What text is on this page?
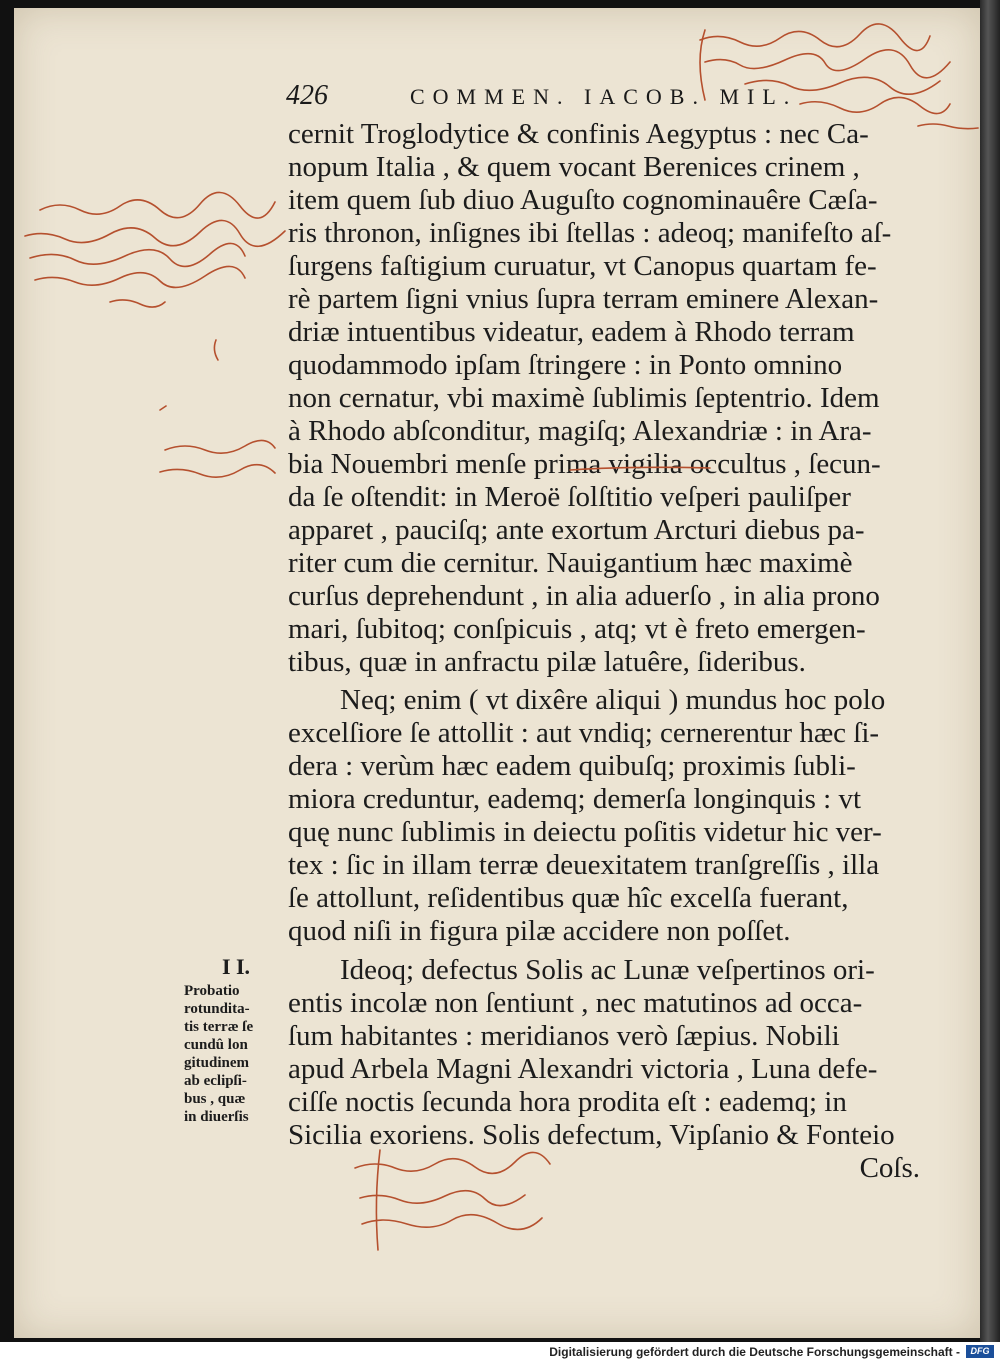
426	COMMEN. IACOB. MIL.
cernit Troglodytice & confinis Aegyptus : nec Ca-
nopum Italia , & quem vocant Berenices crinem ,
item quem ſub diuo Auguſto cognominauêre Cæſa-
ris thronon, inſignes ibi ſtellas : adeoq; manifeſto aſ-
ſurgens faſtigium curuatur, vt Canopus quartam fe-
rè partem ſigni vnius ſupra terram eminere Alexan-
driæ intuentibus videatur, eadem à Rhodo terram
quodammodo ipſam ſtringere : in Ponto omnino
non cernatur, vbi maximè ſublimis ſeptentrio. Idem
à Rhodo abſconditur, magiſq; Alexandriæ : in Ara-
bia Nouembri menſe prima vigilia occultus , ſecun-
da ſe oſtendit: in Meroë ſolſtitio veſperi pauliſper
apparet , pauciſq; ante exortum Arcturi diebus pa-
riter cum die cernitur. Nauigantium hæc maximè
curſus deprehendunt , in alia aduerſo , in alia prono
mari, ſubitoq; conſpicuis , atq; vt è freto emergen-
tibus, quæ in anfractu pilæ latuêre, ſideribus.
Neq; enim ( vt dixêre aliqui ) mundus hoc polo
excelſiore ſe attollit : aut vndiq; cernerentur hæc ſi-
dera : verùm hæc eadem quibuſq; proximis ſubli-
miora creduntur, eademq; demerſa longinquis : vt
quę nunc ſublimis in deiectu poſitis videtur hic ver-
tex : ſic in illam terræ deuexitatem tranſgreſſis , illa
ſe attollunt, reſidentibus quæ hîc excelſa fuerant,
quod niſi in figura pilæ accidere non poſſet.
Ideoq; defectus Solis ac Lunæ veſpertinos ori-
entis incolæ non ſentiunt , nec matutinos ad occa-
ſum habitantes : meridianos verò ſæpius. Nobili
apud Arbela Magni Alexandri victoria , Luna defe-
ciſſe noctis ſecunda hora prodita eſt : eademq; in
Sicilia exoriens. Solis defectum, Vipſanio & Fonteio
Coſs.
I I.
Probatio
rotundita-
tis terræ ſe
cundû lon
gitudinem
ab eclipſi-
bus , quæ
in diuerſis
Digitalisierung gefördert durch die Deutsche Forschungsgemeinschaft -	DFG
